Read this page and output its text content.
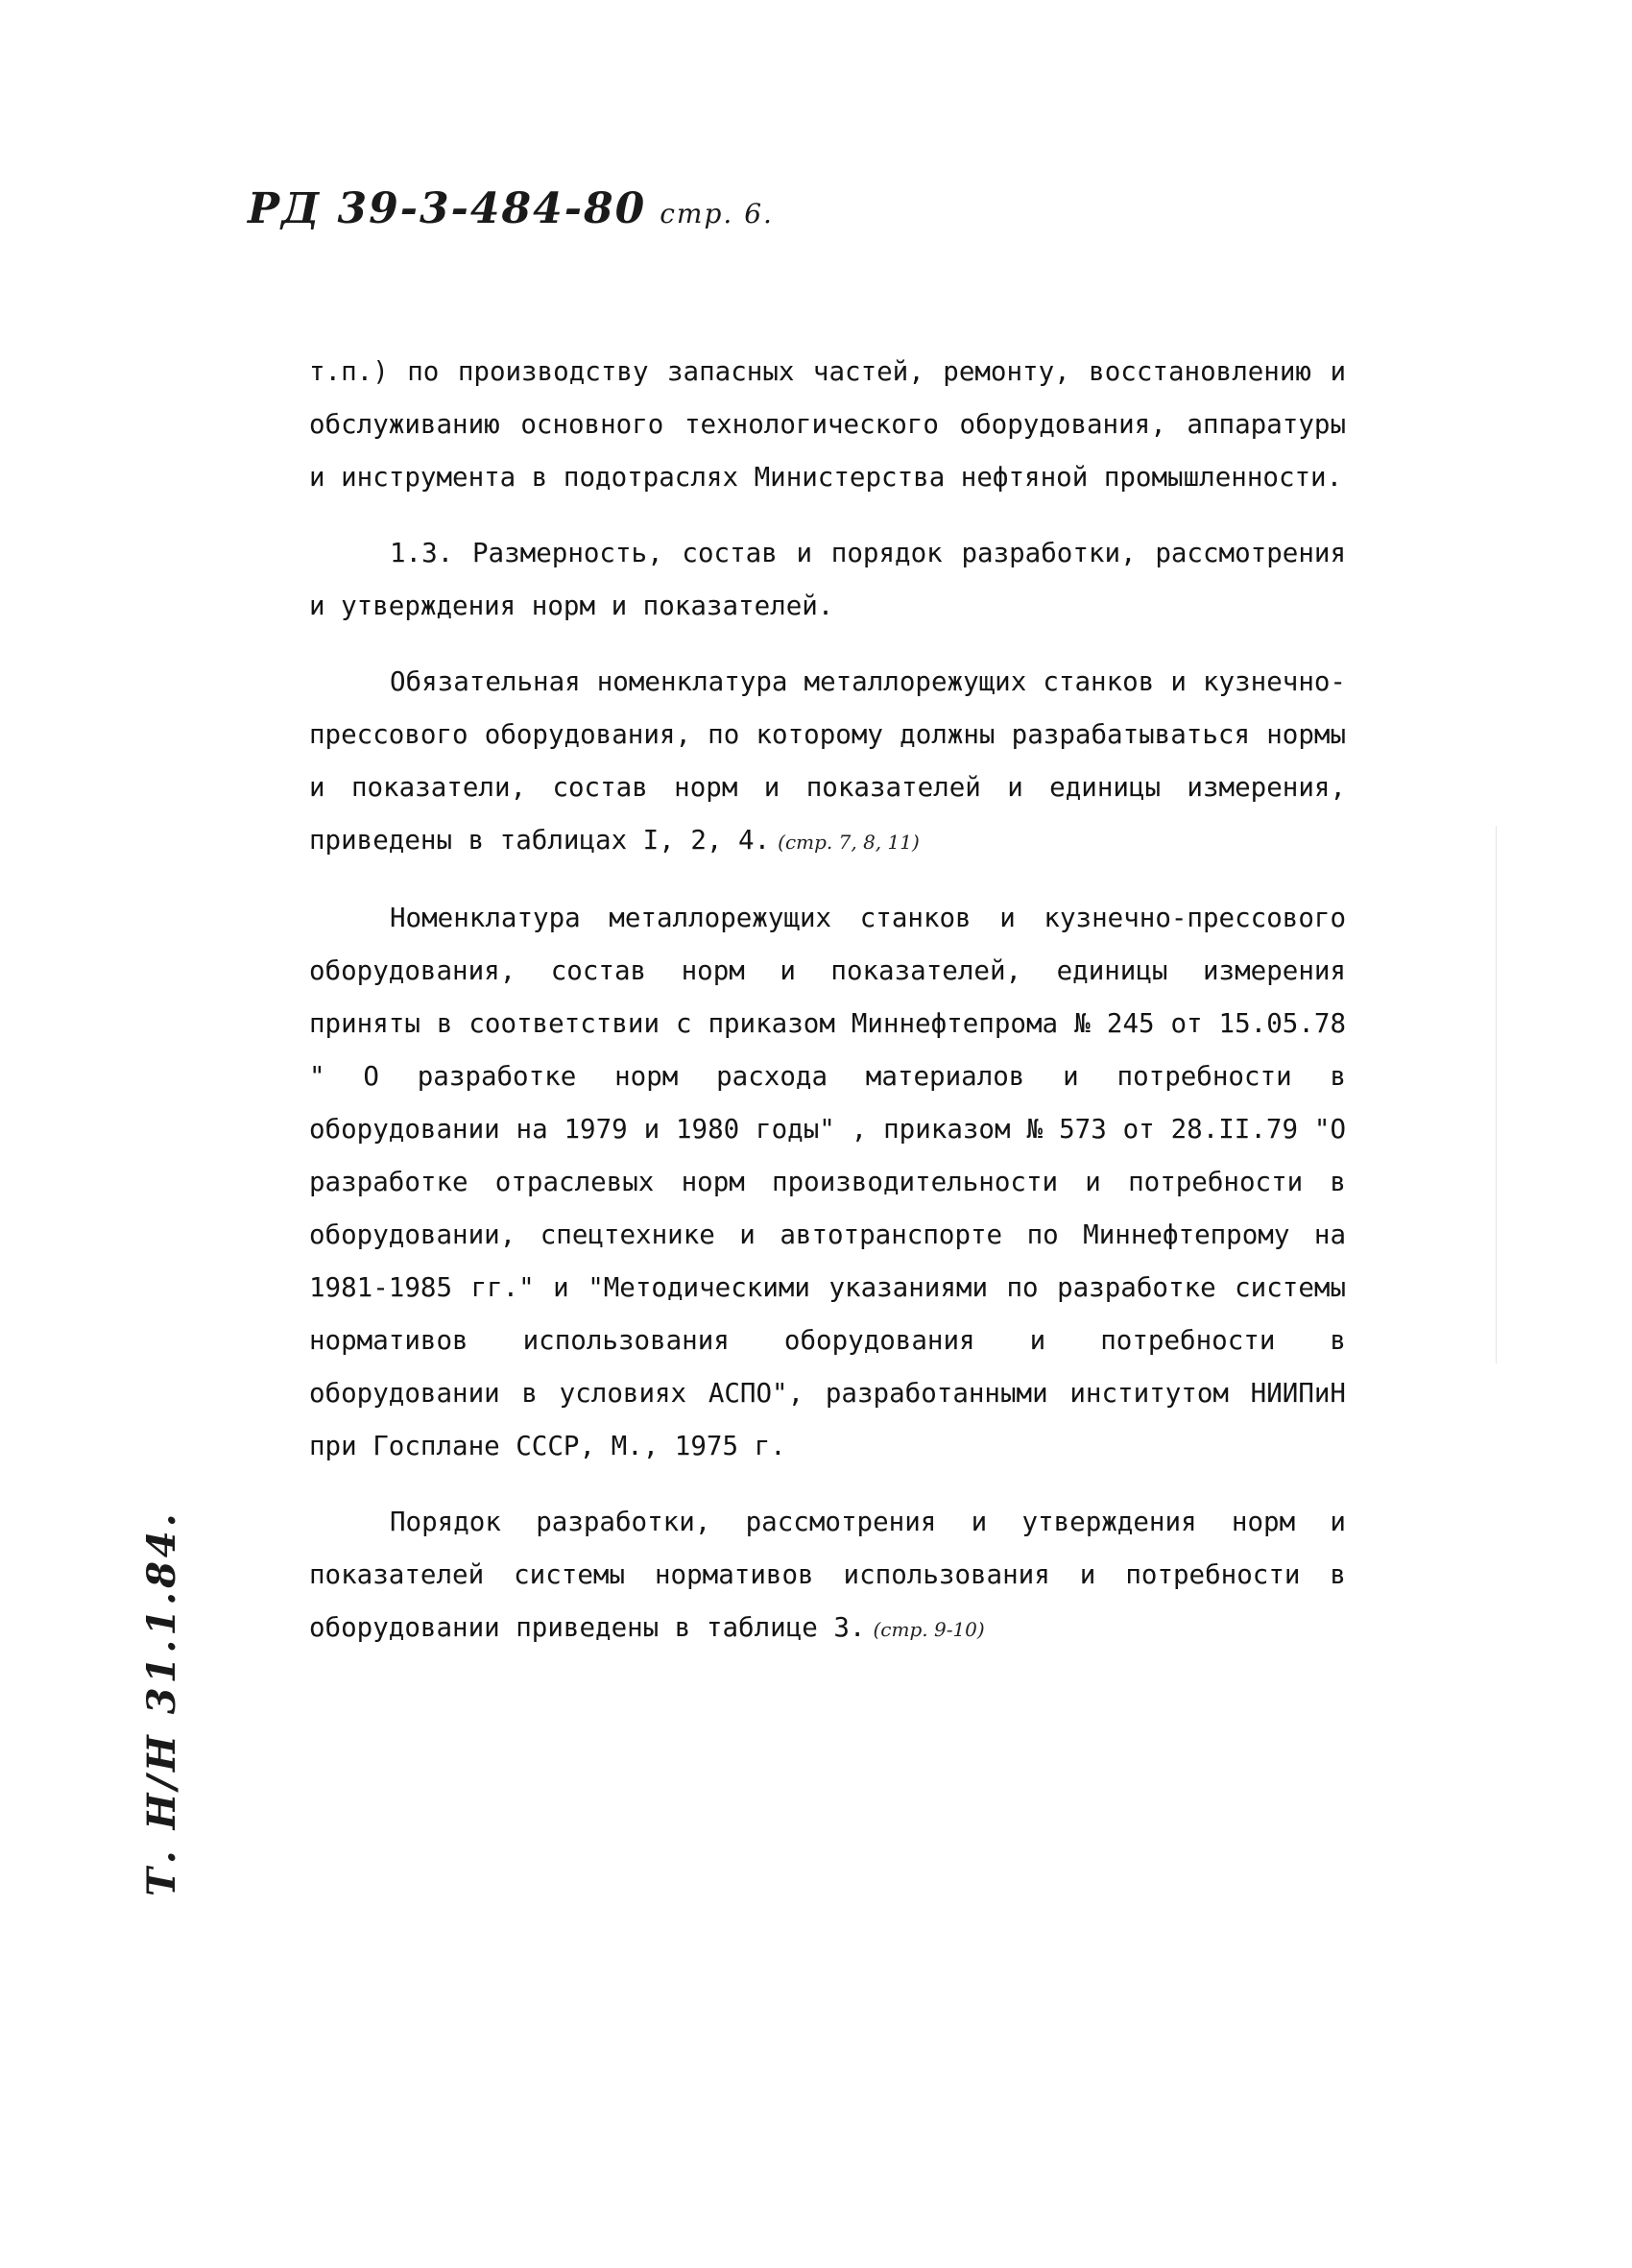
РД 39-3-484-80 стр. 6.

т.п.) по производству запасных частей, ремонту, восстановлению и обслуживанию основного технологического оборудования, аппаратуры и инструмента в подотраслях Министерства нефтяной промышленности.

1.3. Размерность, состав и порядок разработки, рассмотрения и утверждения норм и показателей.

Обязательная номенклатура металлорежущих станков и кузнечно-прессового оборудования, по которому должны разрабатываться нормы и показатели, состав норм и показателей и единицы измерения, приведены в таблицах I, 2, 4. (стр. 7, 8, 11)

Номенклатура металлорежущих станков и кузнечно-прессового оборудования, состав норм и показателей, единицы измерения приняты в соответствии с приказом Миннефтепрома № 245 от 15.05.78 " О разработке норм расхода материалов и потребности в оборудовании на 1979 и 1980 годы" , приказом № 573 от 28.II.79 "О разработке отраслевых норм производительности и потребности в оборудовании, спецтехнике и автотранспорте по Миннефтепрому на 1981-1985 гг." и "Методическими указаниями по разработке системы нормативов использования оборудования и потребности в оборудовании в условиях АСПО", разработанными институтом НИИПиН при Госплане СССР, М., 1975 г.

Порядок разработки, рассмотрения и утверждения норм и показателей системы нормативов использования и потребности в оборудовании приведены в таблице 3. (стр. 9-10)

Т. Н/Н 31.1.84.
